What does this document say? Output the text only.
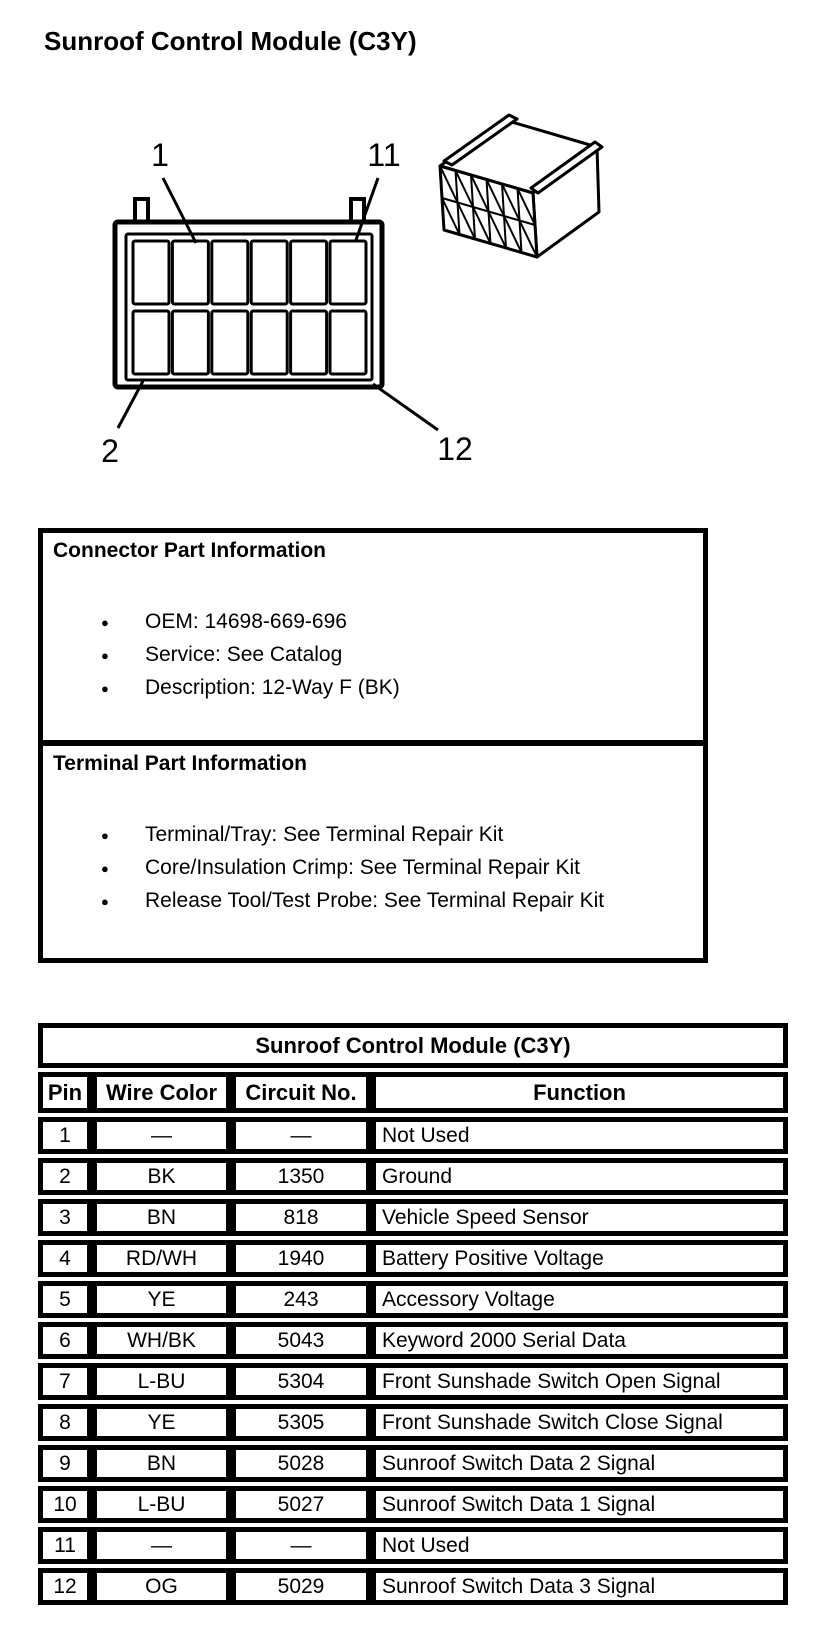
Sunroof Control Module (C3Y)
1	11
2	12
Connector Part Information
● OEM: 14698-669-696
● Service: See Catalog
● Description: 12-Way F (BK)
Terminal Part Information
● Terminal/Tray: See Terminal Repair Kit
● Core/Insulation Crimp: See Terminal Repair Kit
● Release Tool/Test Probe: See Terminal Repair Kit
Sunroof Control Module (C3Y)
Pin	Wire Color	Circuit No.	Function
1	—	—	Not Used
2	BK	1350	Ground
3	BN	818	Vehicle Speed Sensor
4	RD/WH	1940	Battery Positive Voltage
5	YE	243	Accessory Voltage
6	WH/BK	5043	Keyword 2000 Serial Data
7	L-BU	5304	Front Sunshade Switch Open Signal
8	YE	5305	Front Sunshade Switch Close Signal
9	BN	5028	Sunroof Switch Data 2 Signal
10	L-BU	5027	Sunroof Switch Data 1 Signal
11	—	—	Not Used
12	OG	5029	Sunroof Switch Data 3 Signal
